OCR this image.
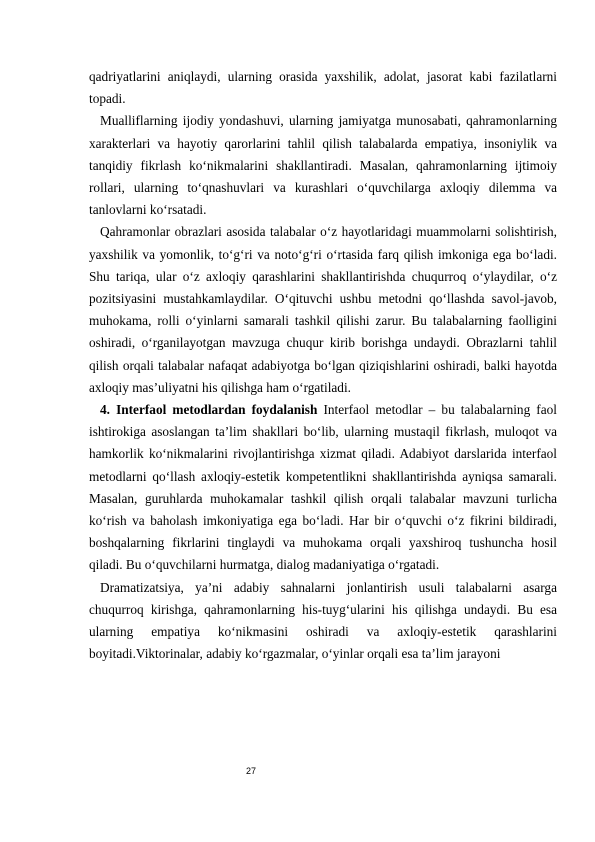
qadriyatlarini aniqlaydi, ularning orasida yaxshilik, adolat, jasorat kabi fazilatlarni topadi.

Mualliflarning ijodiy yondashuvi, ularning jamiyatga munosabati, qahramonlarning xarakterlari va hayotiy qarorlarini tahlil qilish talabalarda empatiya, insoniylik va tanqidiy fikrlash ko‘nikmalarini shakllantiradi. Masalan, qahramonlarning ijtimoiy rollari, ularning to‘qnashuvlari va kurashlari o‘quvchilarga axloqiy dilemma va tanlovlarni ko‘rsatadi.

Qahramonlar obrazlari asosida talabalar o‘z hayotlaridagi muammolarni solishtirish, yaxshilik va yomonlik, to‘g‘ri va noto‘g‘ri o‘rtasida farq qilish imkoniga ega bo‘ladi. Shu tariqa, ular o‘z axloqiy qarashlarini shakllantirishda chuqurroq o‘ylaydilar, o‘z pozitsiyasini mustahkamlaydilar. O‘qituvchi ushbu metodni qo‘llashda savol-javob, muhokama, rolli o‘yinlarni samarali tashkil qilishi zarur. Bu talabalarning faolligini oshiradi, o‘rganilayotgan mavzuga chuqur kirib borishga undaydi. Obrazlarni tahlil qilish orqali talabalar nafaqat adabiyotga bo‘lgan qiziqishlarini oshiradi, balki hayotda axloqiy mas’uliyatni his qilishga ham o‘rgatiladi.

4. Interfaol metodlardan foydalanish Interfaol metodlar – bu talabalarning faol ishtirokiga asoslangan ta’lim shakllari bo‘lib, ularning mustaqil fikrlash, muloqot va hamkorlik ko‘nikmalarini rivojlantirishga xizmat qiladi. Adabiyot darslarida interfaol metodlarni qo‘llash axloqiy-estetik kompetentlikni shakllantirishda ayniqsa samarali. Masalan, guruhlarda muhokamalar tashkil qilish orqali talabalar mavzuni turlicha ko‘rish va baholash imkoniyatiga ega bo‘ladi. Har bir o‘quvchi o‘z fikrini bildiradi, boshqalarning fikrlarini tinglaydi va muhokama orqali yaxshiroq tushuncha hosil qiladi. Bu o‘quvchilarni hurmatga, dialog madaniyatiga o‘rgatadi.

Dramatizatsiya, ya’ni adabiy sahnalarni jonlantirish usuli talabalarni asarga chuqurroq kirishga, qahramonlarning his-tuyg‘ularini his qilishga undaydi. Bu esa ularning empatiya ko‘nikmasini oshiradi va axloqiy-estetik qarashlarini boyitadi.Viktorinalar, adabiy ko‘rgazmalar, o‘yinlar orqali esa ta’lim jarayoni

27
